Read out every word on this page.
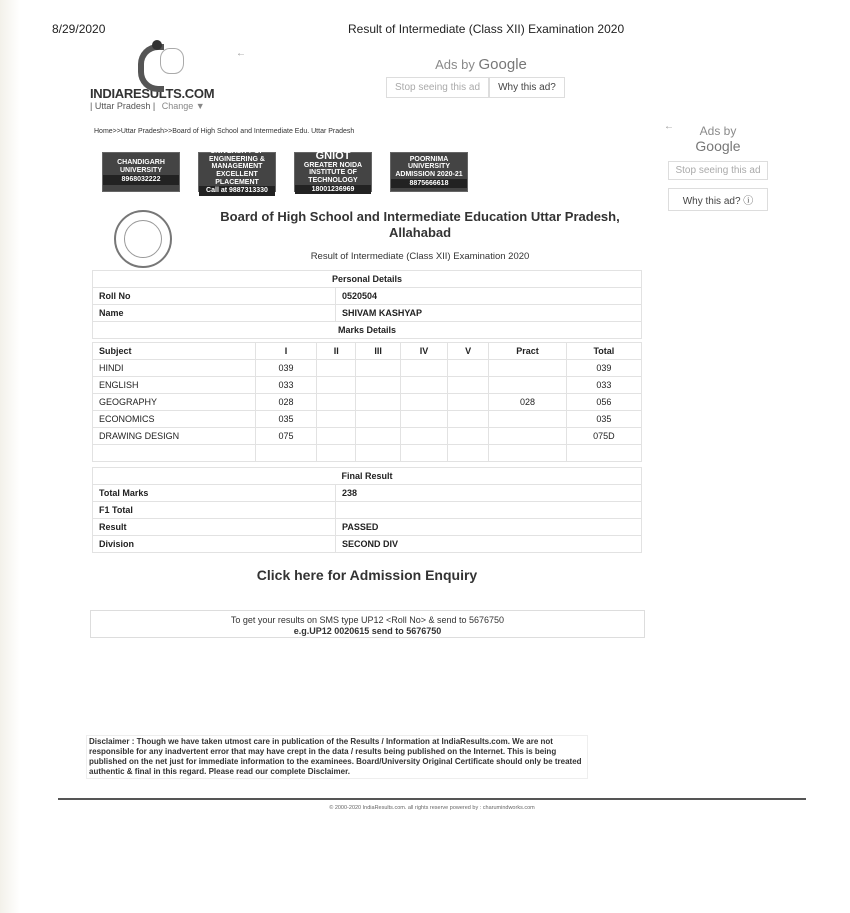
8/29/2020	Result of Intermediate (Class XII) Examination 2020
INDIARESULTS.COM
| Uttar Pradesh | Change ▼
←
Ads by Google
Stop seeing this ad	Why this ad?
←	Ads by
Google
Stop seeing this ad
Why this ad? ⓘ
Home>>Uttar Pradesh>>Board of High School and Intermediate Edu. Uttar Pradesh
CHANDIGARH UNIVERSITY
8968032222
UNIVERSITY OF ENGINEERING & MANAGEMENT
EXCELLENT PLACEMENT
Call at 9887313330
GNIOT
GREATER NOIDA INSTITUTE OF TECHNOLOGY
18001236969
POORNIMA UNIVERSITY
ADMISSION 2020-21
8875666618
Board of High School and Intermediate Education Uttar Pradesh, Allahabad
Result of Intermediate (Class XII) Examination 2020
Personal Details	
Roll No	0520504
Name	SHIVAM KASHYAP
Marks Details	
Subject	I	II	III	IV	V	Pract	Total
HINDI	039						039
ENGLISH	033						033
GEOGRAPHY	028					028	056
ECONOMICS	035						035
DRAWING DESIGN	075						075D

Final Result	
Total Marks	238
F1 Total	
Result	PASSED
Division	SECOND DIV
Click here for Admission Enquiry
To get your results on SMS type UP12 <Roll No> & send to 5676750
e.g.UP12 0020615 send to 5676750
Disclaimer : Though we have taken utmost care in publication of the Results / Information at IndiaResults.com. We are not responsible for any inadvertent error that may have crept in the data / results being published on the Internet. This is being published on the net just for immediate information to the examinees. Board/University Original Certificate should only be treated authentic & final in this regard. Please read our complete Disclaimer.
© 2000-2020 IndiaResults.com. all rights reserve powered by : charumindworks.com
